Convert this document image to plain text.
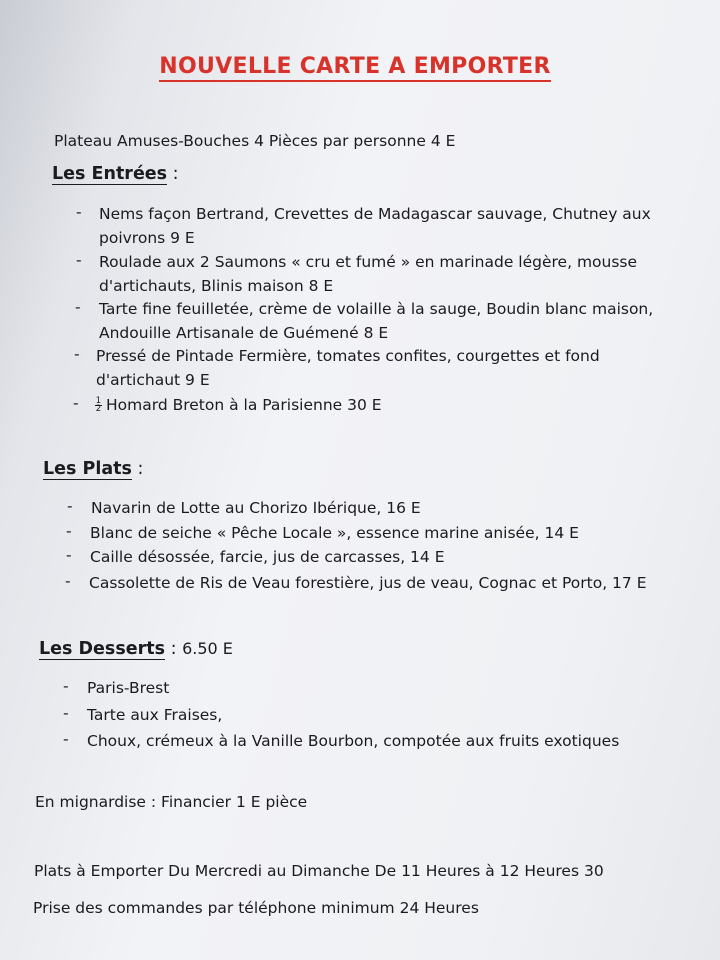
NOUVELLE CARTE A EMPORTER
Plateau Amuses-Bouches 4 Pièces par personne 4 E
Les Entrées :
- Nems façon Bertrand, Crevettes de Madagascar sauvage, Chutney aux
poivrons 9 E
- Roulade aux 2 Saumons « cru et fumé » en marinade légère, mousse
d'artichauts, Blinis maison 8 E
- Tarte fine feuilletée, crème de volaille à la sauge, Boudin blanc maison,
Andouille Artisanale de Guémené 8 E
- Pressé de Pintade Fermière, tomates confites, courgettes et fond
d'artichaut 9 E
- $\frac{1}{2}$ Homard Breton à la Parisienne 30 E
Les Plats :
- Navarin de Lotte au Chorizo Ibérique, 16 E
- Blanc de seiche « Pêche Locale », essence marine anisée, 14 E
- Caille désossée, farcie, jus de carcasses, 14 E
- Cassolette de Ris de Veau forestière, jus de veau, Cognac et Porto, 17 E
Les Desserts : 6.50 E
- Paris-Brest
- Tarte aux Fraises,
- Choux, crémeux à la Vanille Bourbon, compotée aux fruits exotiques
En mignardise : Financier 1 E pièce
Plats à Emporter Du Mercredi au Dimanche De 11 Heures à 12 Heures 30
Prise des commandes par téléphone minimum 24 Heures
